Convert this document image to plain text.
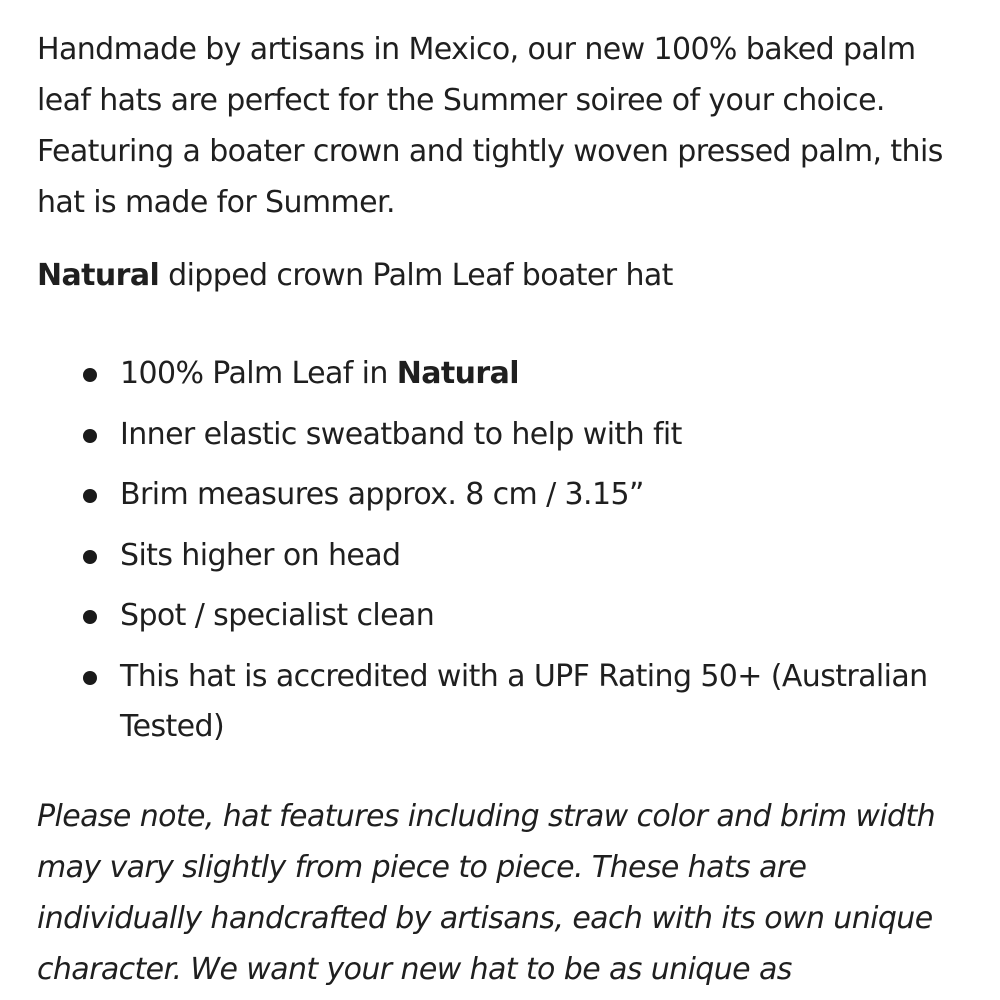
Handmade by artisans in Mexico, our new 100% baked palm leaf hats are perfect for the Summer soiree of your choice. Featuring a boater crown and tightly woven pressed palm, this hat is made for Summer.

Natural dipped crown Palm Leaf boater hat

100% Palm Leaf in Natural
Inner elastic sweatband to help with fit
Brim measures approx. 8 cm / 3.15”
Sits higher on head
Spot / specialist clean
This hat is accredited with a UPF Rating 50+ (Australian Tested)

Please note, hat features including straw color and brim width may vary slightly from piece to piece. These hats are individually handcrafted by artisans, each with its own unique character. We want your new hat to be as unique as
